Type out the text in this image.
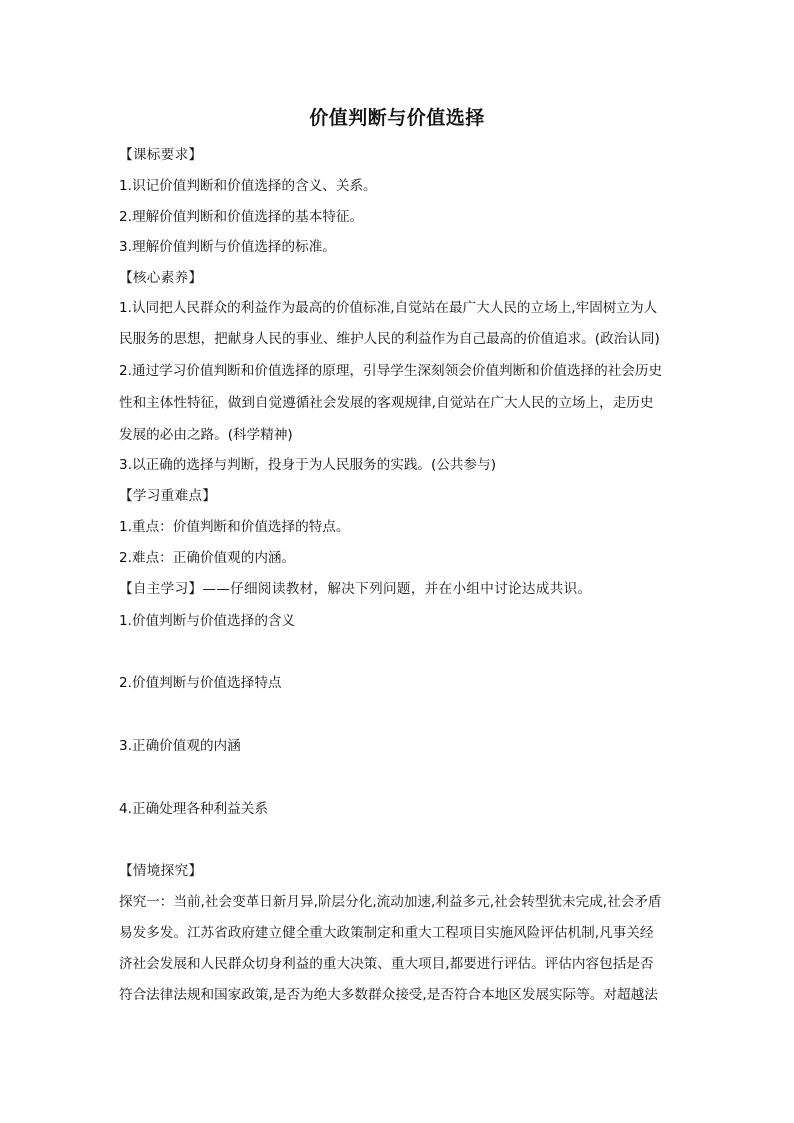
价值判断与价值选择
【课标要求】
1.识记价值判断和价值选择的含义、关系。
2.理解价值判断和价值选择的基本特征。
3.理解价值判断与价值选择的标准。
【核心素养】
1.认同把人民群众的利益作为最高的价值标准,自觉站在最广大人民的立场上,牢固树立为人
民服务的思想，把献身人民的事业、维护人民的利益作为自己最高的价值追求。(政治认同)
2.通过学习价值判断和价值选择的原理，引导学生深刻领会价值判断和价值选择的社会历史
性和主体性特征，做到自觉遵循社会发展的客观规律,自觉站在广大人民的立场上，走历史
发展的必由之路。(科学精神)
3.以正确的选择与判断，投身于为人民服务的实践。(公共参与)
【学习重难点】
1.重点：价值判断和价值选择的特点。
2.难点：正确价值观的内涵。
【自主学习】——仔细阅读教材，解决下列问题，并在小组中讨论达成共识。
1.价值判断与价值选择的含义
2.价值判断与价值选择特点
3.正确价值观的内涵
4.正确处理各种利益关系
【情境探究】
探究一：当前,社会变革日新月异,阶层分化,流动加速,利益多元,社会转型犹未完成,社会矛盾
易发多发。江苏省政府建立健全重大政策制定和重大工程项目实施风险评估机制,凡事关经
济社会发展和人民群众切身利益的重大决策、重大项目,都要进行评估。评估内容包括是否
符合法律法规和国家政策,是否为绝大多数群众接受,是否符合本地区发展实际等。对超越法
